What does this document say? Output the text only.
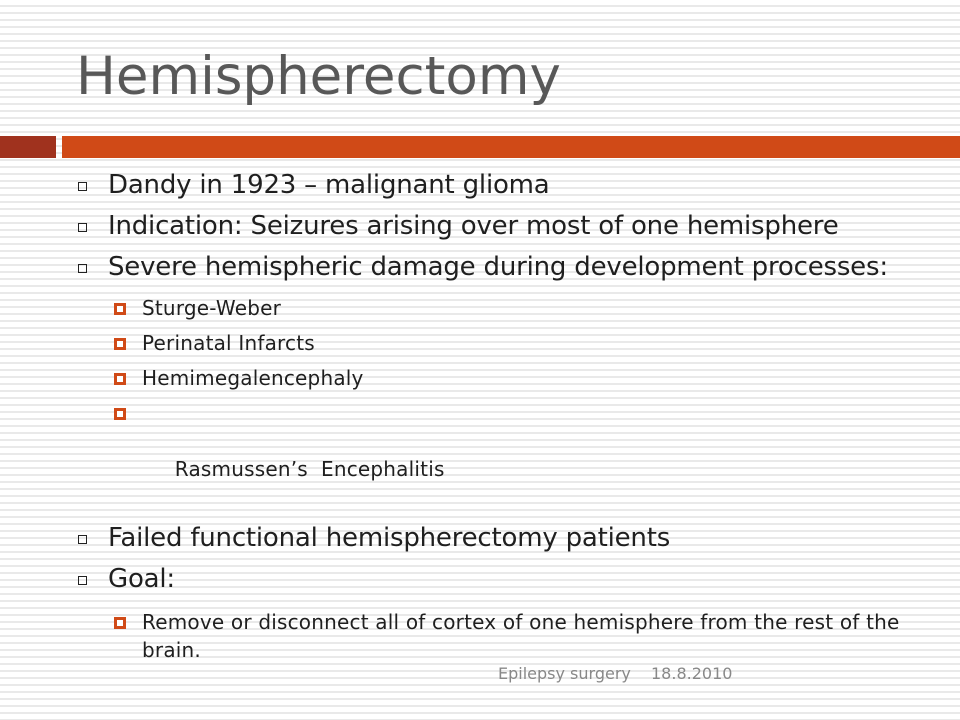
Hemispherectomy
Dandy in 1923 – malignant glioma
Indication: Seizures arising over most of one hemisphere
Severe hemispheric damage during development processes:
Sturge-Weber
Perinatal Infarcts
Hemimegalencephaly

Rasmussen’s  Encephalitis

Failed functional hemispherectomy patients
Goal:
Remove or disconnect all of cortex of one hemisphere from the rest of the brain.
Epilepsy surgery 18.8.2010
